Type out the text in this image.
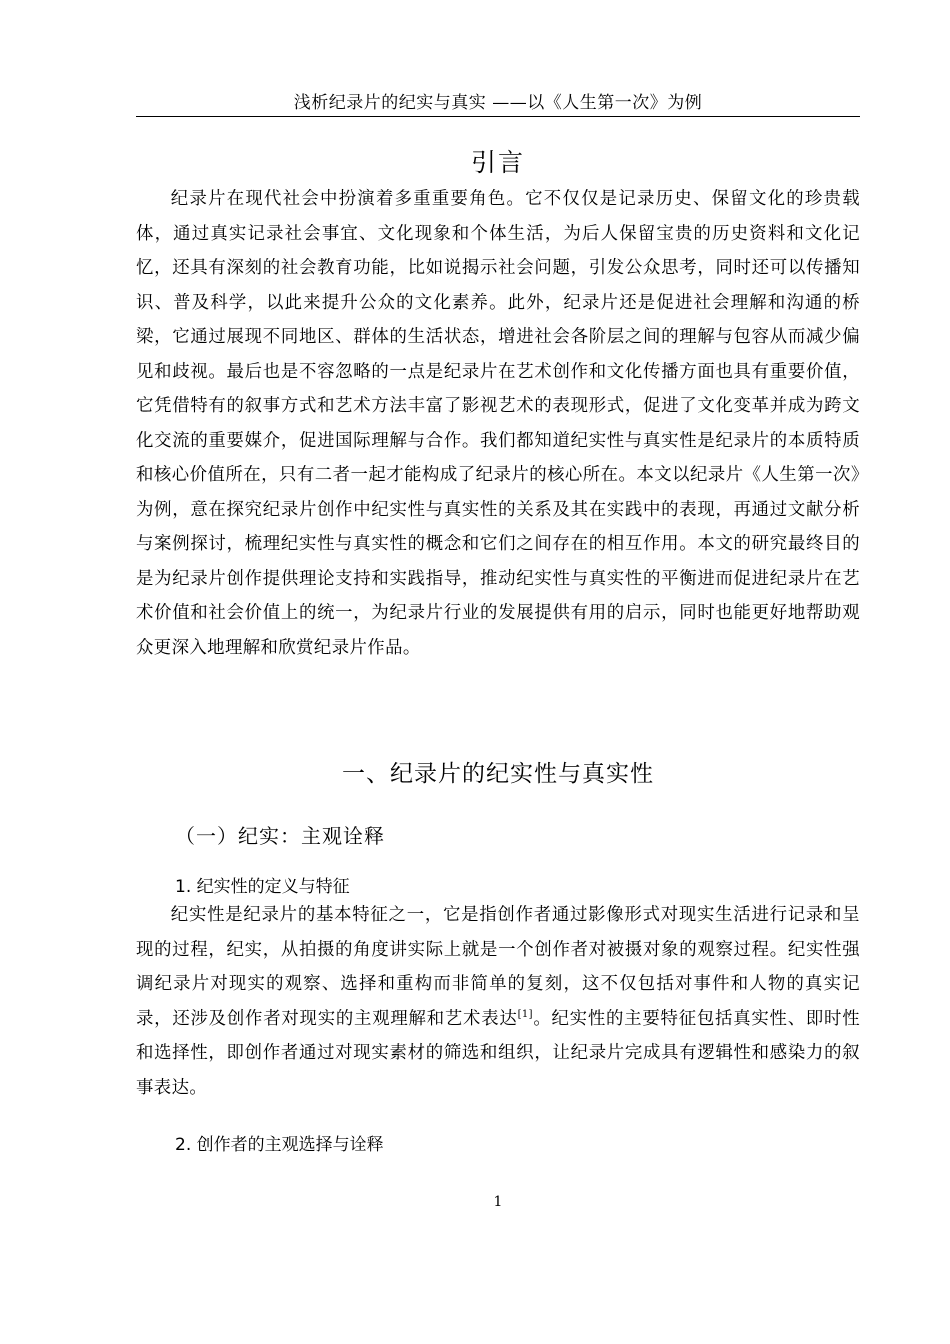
浅析纪录片的纪实与真实 ——以《人生第一次》为例
引言

纪录片在现代社会中扮演着多重重要角色。它不仅仅是记录历史、保留文化的珍贵载体，通过真实记录社会事宜、文化现象和个体生活，为后人保留宝贵的历史资料和文化记忆，还具有深刻的社会教育功能，比如说揭示社会问题，引发公众思考，同时还可以传播知识、普及科学，以此来提升公众的文化素养。此外，纪录片还是促进社会理解和沟通的桥梁，它通过展现不同地区、群体的生活状态，增进社会各阶层之间的理解与包容从而减少偏见和歧视。最后也是不容忽略的一点是纪录片在艺术创作和文化传播方面也具有重要价值，它凭借特有的叙事方式和艺术方法丰富了影视艺术的表现形式，促进了文化变革并成为跨文化交流的重要媒介，促进国际理解与合作。我们都知道纪实性与真实性是纪录片的本质特质和核心价值所在，只有二者一起才能构成了纪录片的核心所在。本文以纪录片《人生第一次》为例，意在探究纪录片创作中纪实性与真实性的关系及其在实践中的表现，再通过文献分析与案例探讨，梳理纪实性与真实性的概念和它们之间存在的相互作用。本文的研究最终目的是为纪录片创作提供理论支持和实践指导，推动纪实性与真实性的平衡进而促进纪录片在艺术价值和社会价值上的统一，为纪录片行业的发展提供有用的启示，同时也能更好地帮助观众更深入地理解和欣赏纪录片作品。

一、纪录片的纪实性与真实性
（一）纪实：主观诠释
1. 纪实性的定义与特征

纪实性是纪录片的基本特征之一，它是指创作者通过影像形式对现实生活进行记录和呈现的过程，纪实，从拍摄的角度讲实际上就是一个创作者对被摄对象的观察过程。纪实性强调纪录片对现实的观察、选择和重构而非简单的复刻，这不仅包括对事件和人物的真实记录，还涉及创作者对现实的主观理解和艺术表达[1]。纪实性的主要特征包括真实性、即时性和选择性，即创作者通过对现实素材的筛选和组织，让纪录片完成具有逻辑性和感染力的叙事表达。

2. 创作者的主观选择与诠释
1
